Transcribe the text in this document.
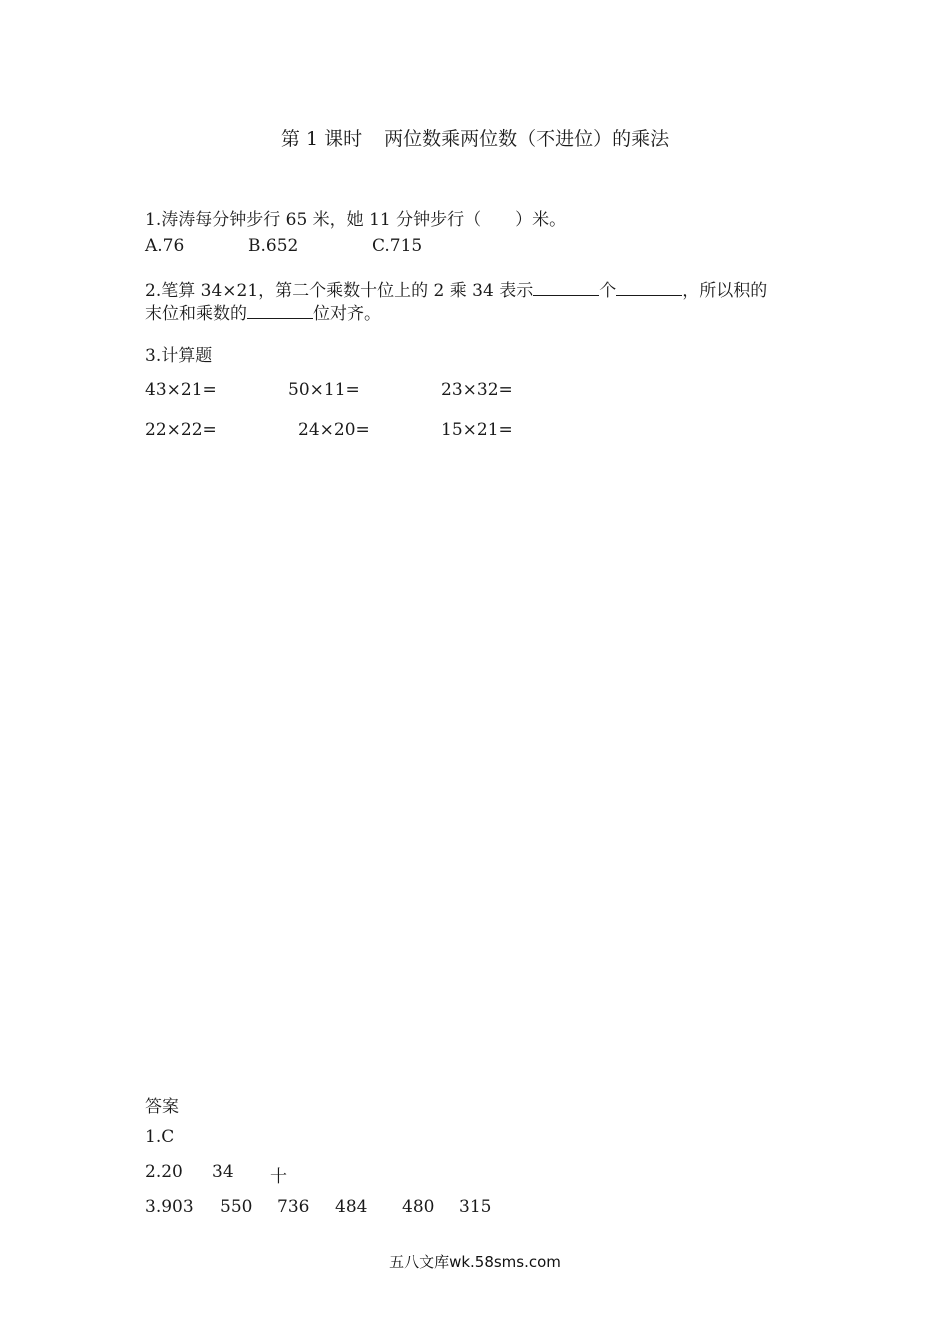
第 1 课时 两位数乘两位数（不进位）的乘法
1.涛涛每分钟步行 65 米，她 11 分钟步行（ ）米。
A.76	B.652	C.715
2.笔算 34×21，第二个乘数十位上的 2 乘 34 表示	个	，所以积的
末位和乘数的	位对齐。
3.计算题
43×21=	50×11=	23×32=
22×22=	24×20=	15×21=
答案
1.C
2.20 34 十
3.903 550 736 484 480 315
五八文库wk.58sms.com
